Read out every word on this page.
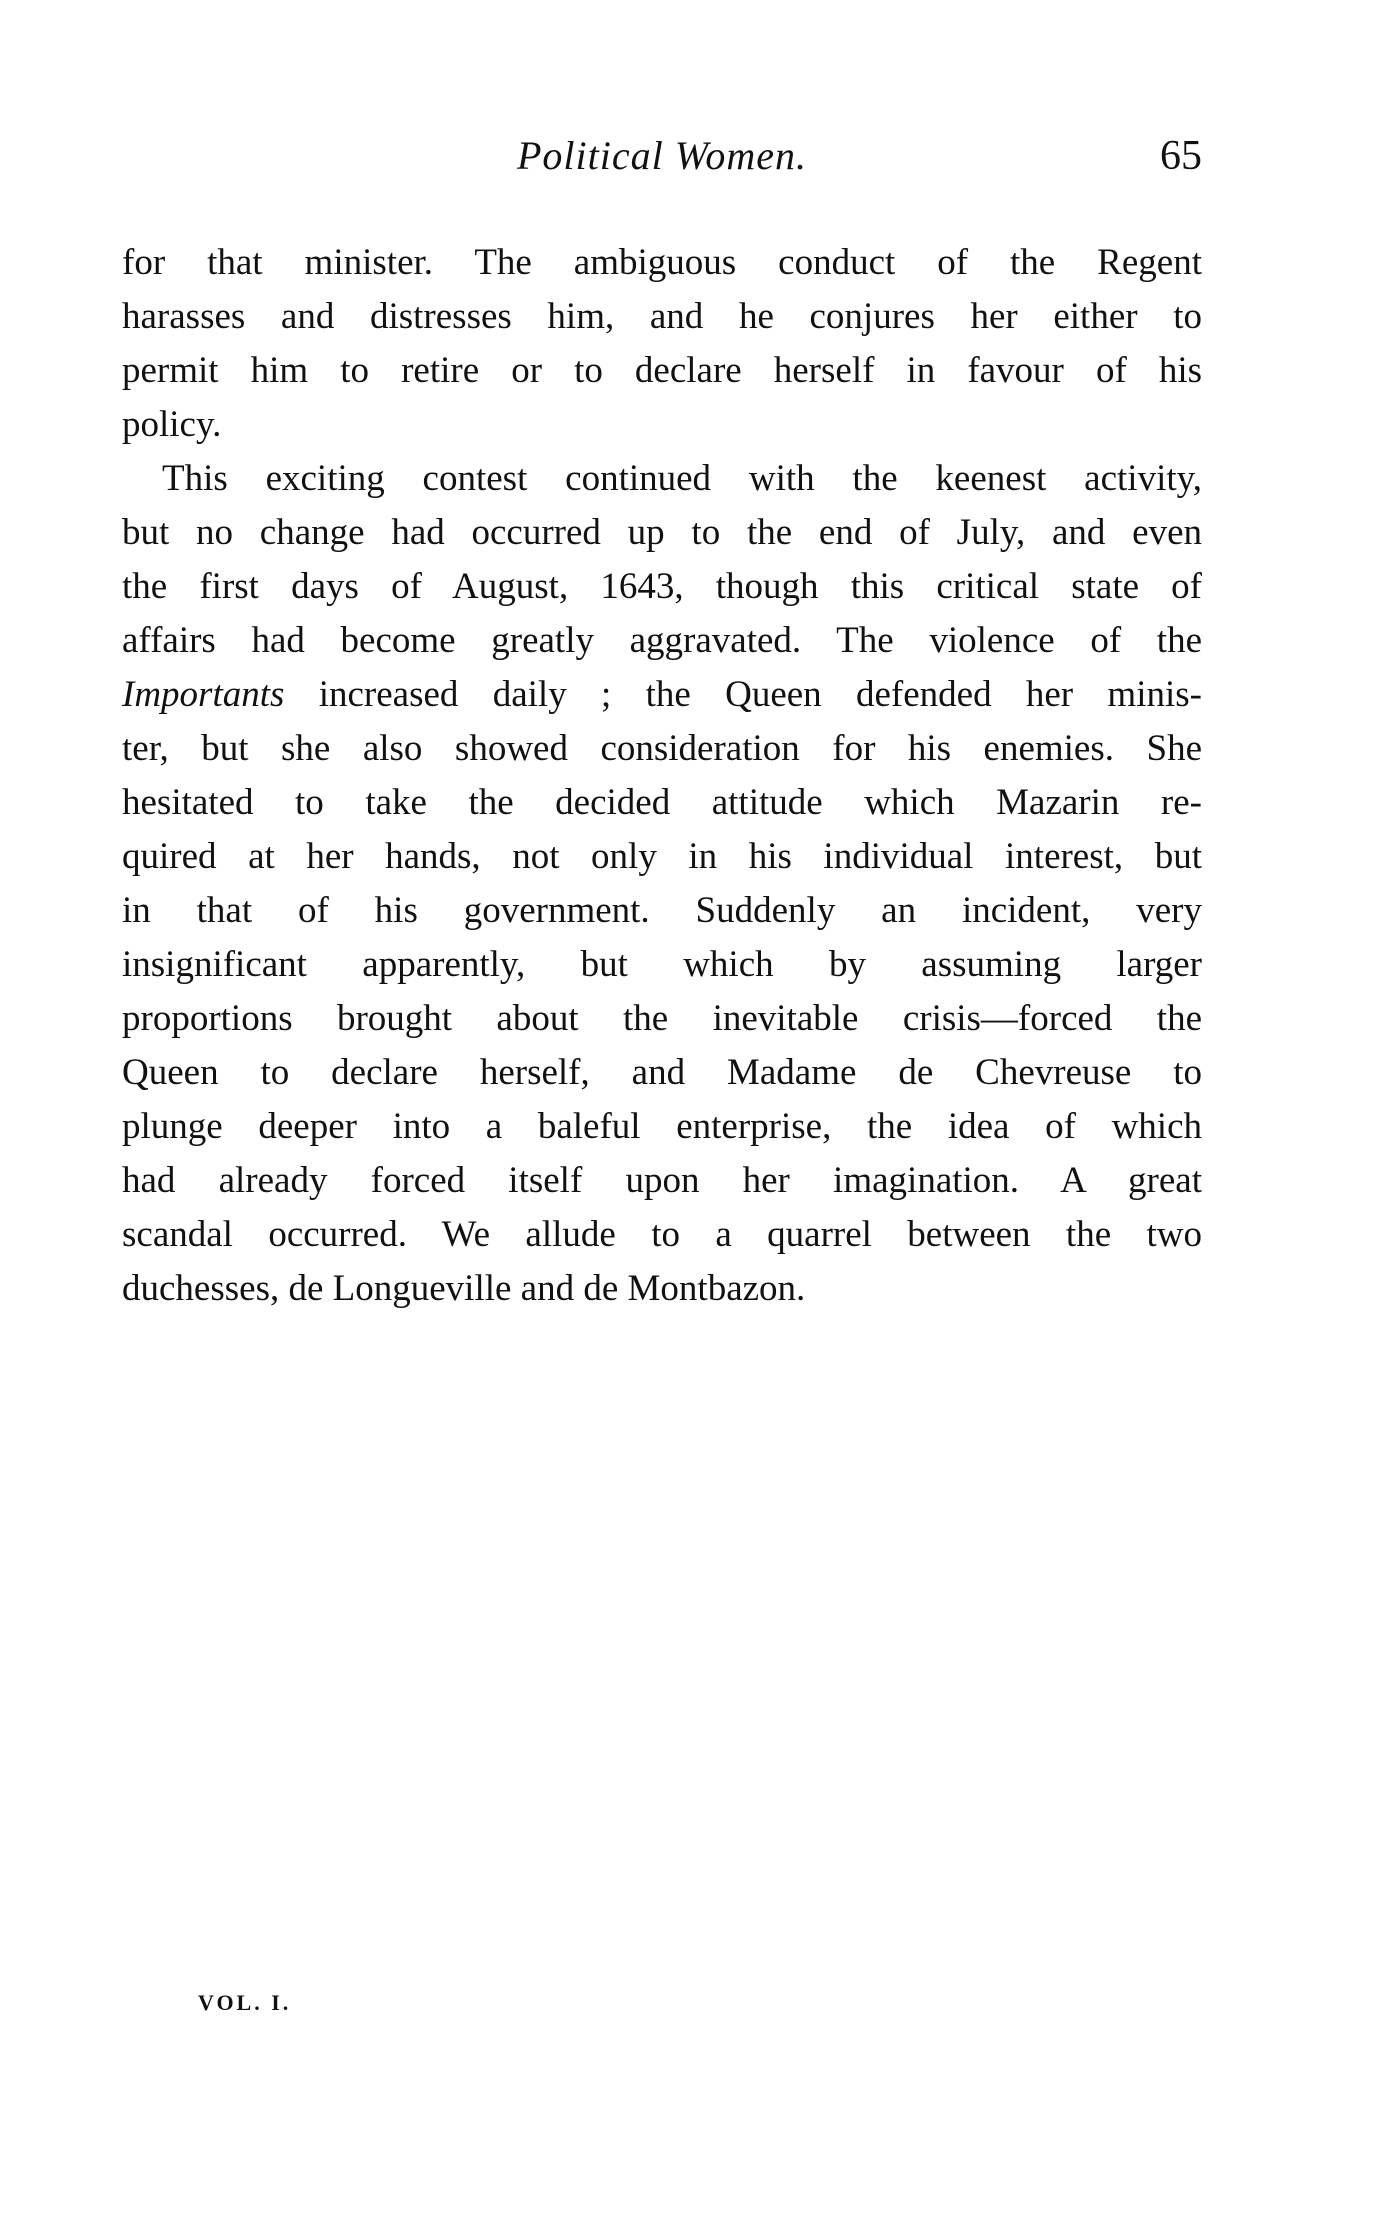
Political Women.	65
for that minister. The ambiguous conduct of the Regent
harasses and distresses him, and he conjures her either to
permit him to retire or to declare herself in favour of his
policy.
This exciting contest continued with the keenest activity,
but no change had occurred up to the end of July, and even
the first days of August, 1643, though this critical state of
affairs had become greatly aggravated. The violence of the
Importants increased daily ; the Queen defended her minis-
ter, but she also showed consideration for his enemies. She
hesitated to take the decided attitude which Mazarin re-
quired at her hands, not only in his individual interest, but
in that of his government. Suddenly an incident, very
insignificant apparently, but which by assuming larger
proportions brought about the inevitable crisis—forced the
Queen to declare herself, and Madame de Chevreuse to
plunge deeper into a baleful enterprise, the idea of which
had already forced itself upon her imagination. A great
scandal occurred. We allude to a quarrel between the two
duchesses, de Longueville and de Montbazon.
VOL. I.
